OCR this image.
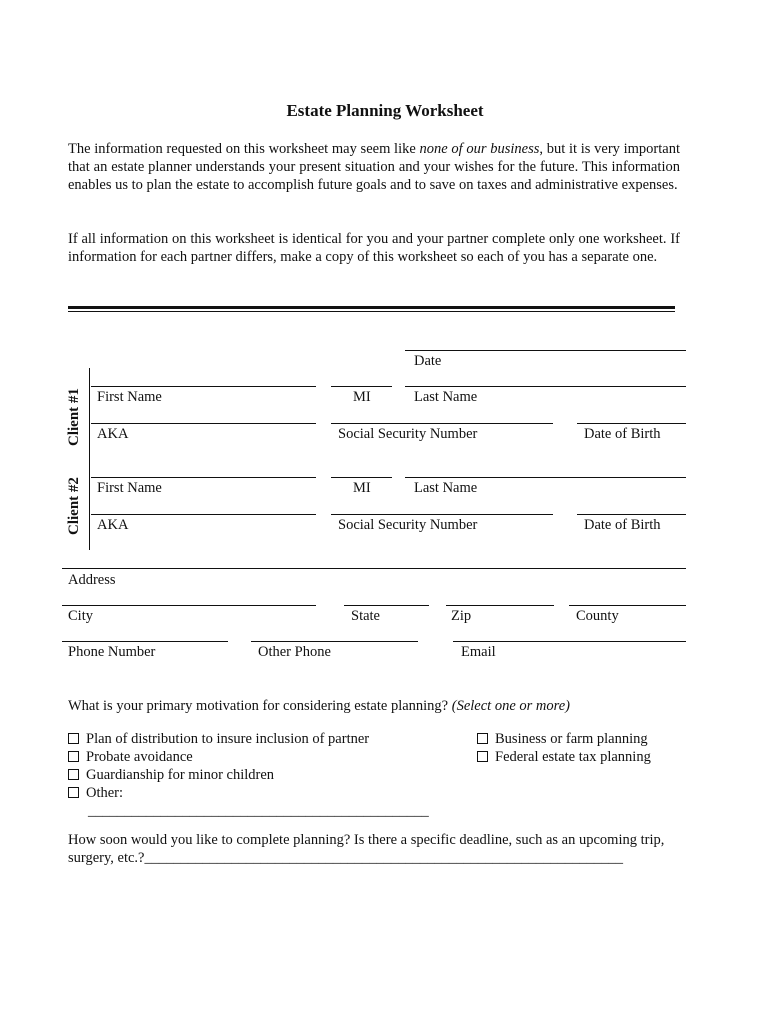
Estate Planning Worksheet
The information requested on this worksheet may seem like none of our business, but it is very important that an estate planner understands your present situation and your wishes for the future. This information enables us to plan the estate to accomplish future goals and to save on taxes and administrative expenses.
If all information on this worksheet is identical for you and your partner complete only one worksheet. If information for each partner differs, make a copy of this worksheet so each of you has a separate one.
Date
Client #1
Client #2
First Name	MI	Last Name
AKA	Social Security Number	Date of Birth
First Name	MI	Last Name
AKA	Social Security Number	Date of Birth
Address
City	State	Zip	County
Phone Number	Other Phone	Email
What is your primary motivation for considering estate planning? (Select one or more)
Plan of distribution to insure inclusion of partner
Probate avoidance
Guardianship for minor children
Other:
_______________________________________________
Business or farm planning
Federal estate tax planning
How soon would you like to complete planning? Is there a specific deadline, such as an upcoming trip, surgery, etc.?__________________________________________________________________
